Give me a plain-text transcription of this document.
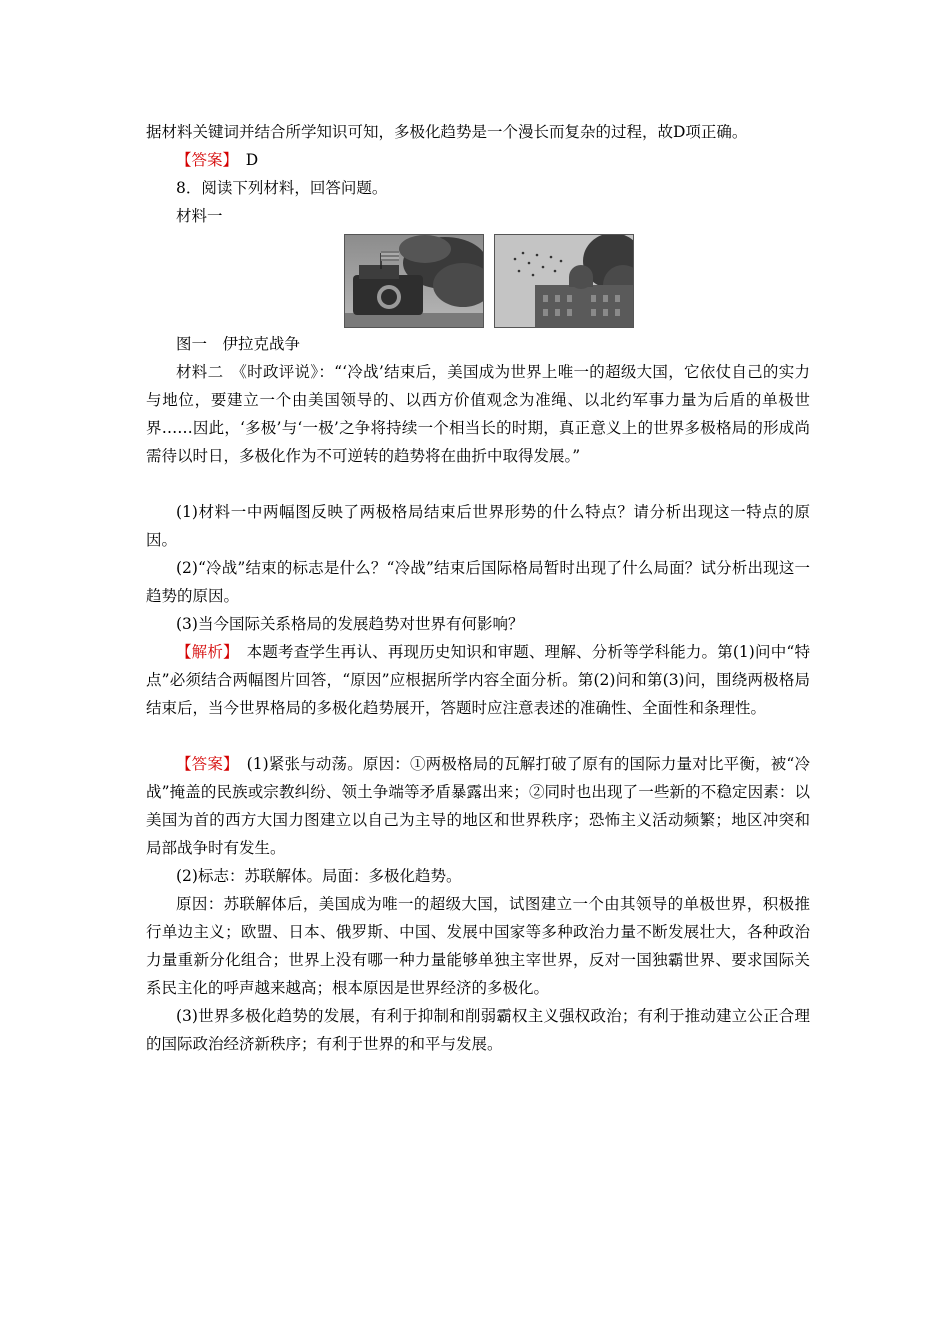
据材料关键词并结合所学知识可知，多极化趋势是一个漫长而复杂的过程，故D项正确。

【答案】　 D

8．阅读下列材料，回答问题。

材料一

图一　伊拉克战争

材料二　《时政评说》：“‘冷战’结束后，美国成为世界上唯一的超级大国，它依仗自己的实力与地位，要建立一个由美国领导的、以西方价值观念为准绳、以北约军事力量为后盾的单极世界……因此，‘多极’与‘一极’之争将持续一个相当长的时期，真正意义上的世界多极格局的形成尚需待以时日，多极化作为不可逆转的趋势将在曲折中取得发展。”

(1)材料一中两幅图反映了两极格局结束后世界形势的什么特点？请分析出现这一特点的原因。

(2)“冷战”结束的标志是什么？“冷战”结束后国际格局暂时出现了什么局面？试分析出现这一趋势的原因。

(3)当今国际关系格局的发展趋势对世界有何影响？

【解析】　本题考查学生再认、再现历史知识和审题、理解、分析等学科能力。第(1)问中“特点”必须结合两幅图片回答，“原因”应根据所学内容全面分析。第(2)问和第(3)问，围绕两极格局结束后，当今世界格局的多极化趋势展开，答题时应注意表述的准确性、全面性和条理性。

【答案】　(1)紧张与动荡。原因：①两极格局的瓦解打破了原有的国际力量对比平衡，被“冷战”掩盖的民族或宗教纠纷、领土争端等矛盾暴露出来；②同时也出现了一些新的不稳定因素：以美国为首的西方大国力图建立以自己为主导的地区和世界秩序；恐怖主义活动频繁；地区冲突和局部战争时有发生。

(2)标志：苏联解体。局面：多极化趋势。

原因：苏联解体后，美国成为唯一的超级大国，试图建立一个由其领导的单极世界，积极推行单边主义；欧盟、日本、俄罗斯、中国、发展中国家等多种政治力量不断发展壮大，各种政治力量重新分化组合；世界上没有哪一种力量能够单独主宰世界，反对一国独霸世界、要求国际关系民主化的呼声越来越高；根本原因是世界经济的多极化。

(3)世界多极化趋势的发展，有利于抑制和削弱霸权主义强权政治；有利于推动建立公正合理的国际政治经济新秩序；有利于世界的和平与发展。
